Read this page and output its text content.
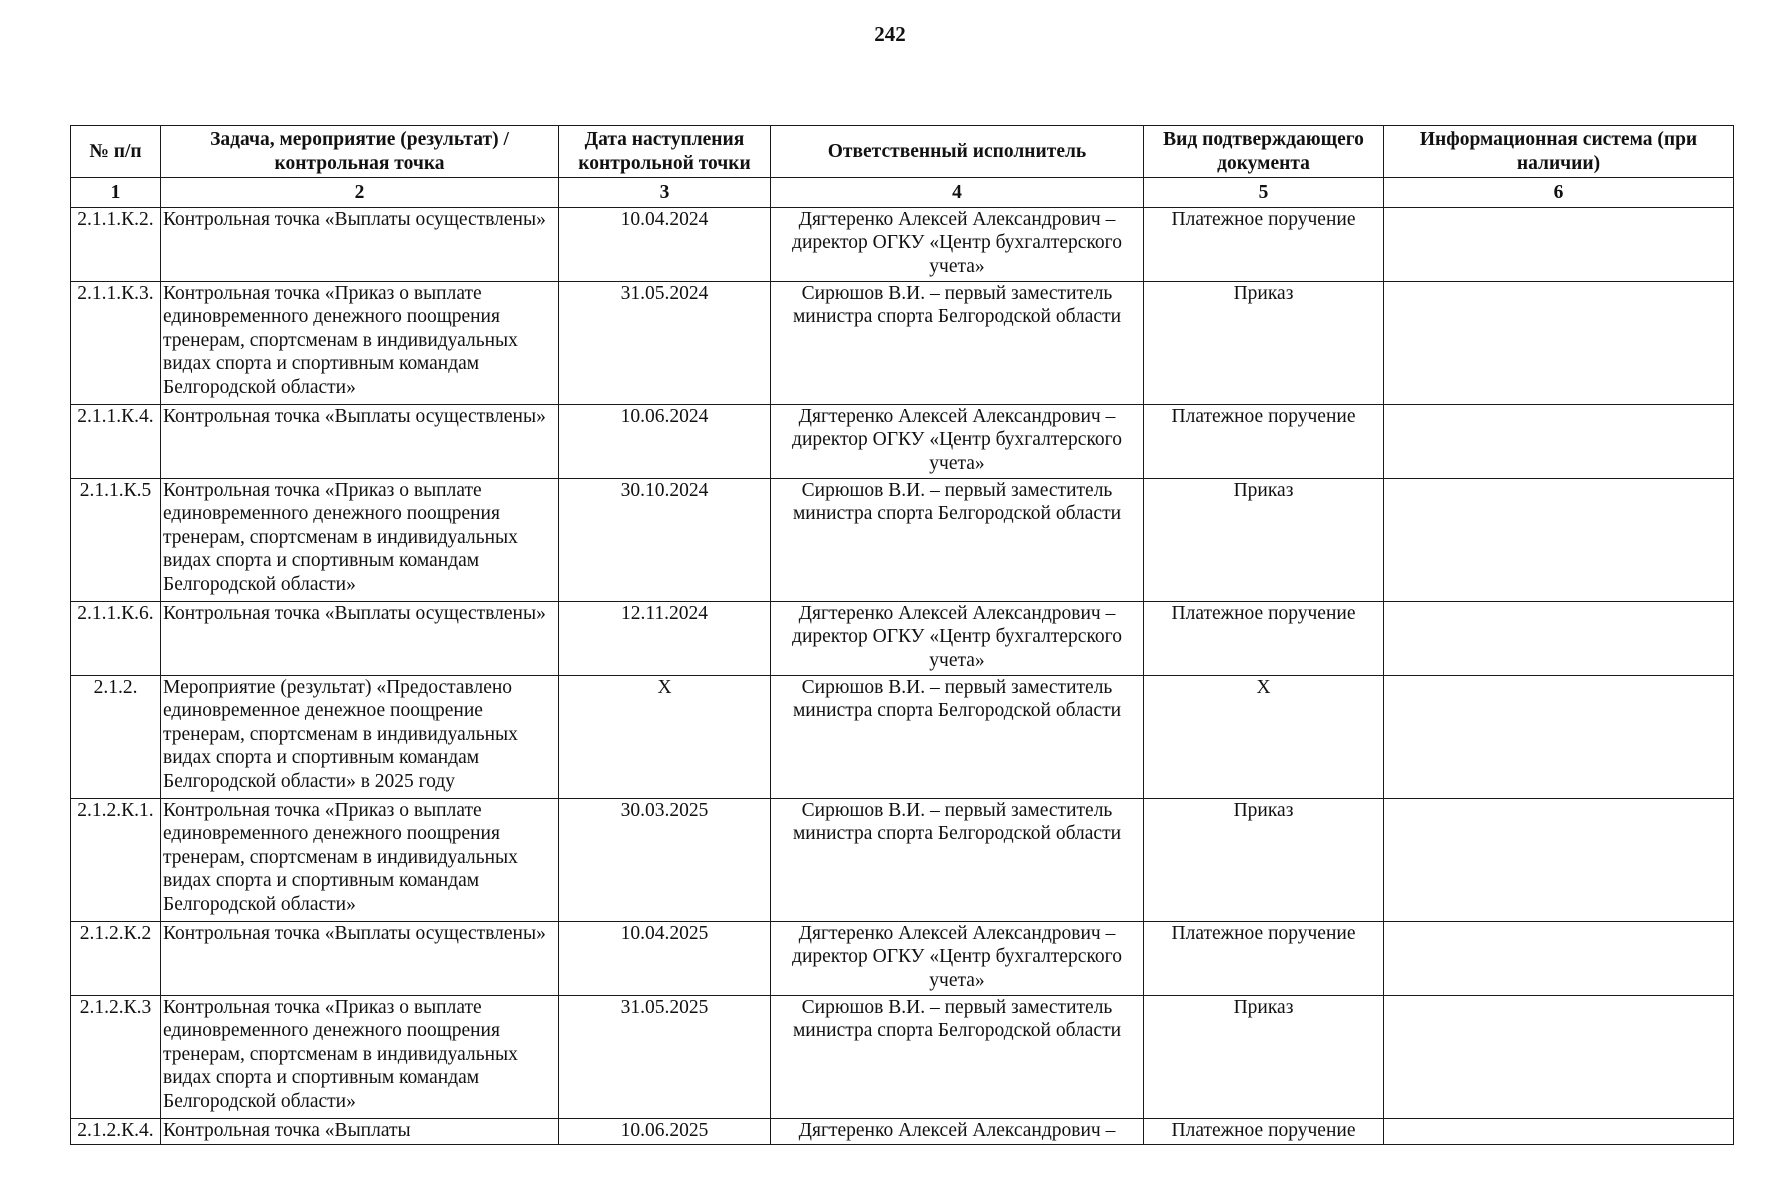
242
№ п/п	Задача, мероприятие (результат) / контрольная точка	Дата наступления контрольной точки	Ответственный исполнитель	Вид подтверждающего документа	Информационная система (при наличии)
1	2	3	4	5	6
2.1.1.К.2.	Контрольная точка «Выплаты осуществлены»	10.04.2024	Дягтеренко Алексей Александрович – директор ОГКУ «Центр бухгалтерского учета»	Платежное поручение	
2.1.1.К.3.	Контрольная точка «Приказ о выплате единовременного денежного поощрения тренерам, спортсменам в индивидуальных видах спорта и спортивным командам Белгородской области»	31.05.2024	Сирюшов В.И. – первый заместитель министра спорта Белгородской области	Приказ	
2.1.1.К.4.	Контрольная точка «Выплаты осуществлены»	10.06.2024	Дягтеренко Алексей Александрович – директор ОГКУ «Центр бухгалтерского учета»	Платежное поручение	
2.1.1.К.5	Контрольная точка «Приказ о выплате единовременного денежного поощрения тренерам, спортсменам в индивидуальных видах спорта и спортивным командам Белгородской области»	30.10.2024	Сирюшов В.И. – первый заместитель министра спорта Белгородской области	Приказ	
2.1.1.К.6.	Контрольная точка «Выплаты осуществлены»	12.11.2024	Дягтеренко Алексей Александрович – директор ОГКУ «Центр бухгалтерского учета»	Платежное поручение	
2.1.2.	Мероприятие (результат) «Предоставлено единовременное денежное поощрение тренерам, спортсменам в индивидуальных видах спорта и спортивным командам Белгородской области» в 2025 году	X	Сирюшов В.И. – первый заместитель министра спорта Белгородской области	X	
2.1.2.К.1.	Контрольная точка «Приказ о выплате единовременного денежного поощрения тренерам, спортсменам в индивидуальных видах спорта и спортивным командам Белгородской области»	30.03.2025	Сирюшов В.И. – первый заместитель министра спорта Белгородской области	Приказ	
2.1.2.К.2	Контрольная точка «Выплаты осуществлены»	10.04.2025	Дягтеренко Алексей Александрович – директор ОГКУ «Центр бухгалтерского учета»	Платежное поручение	
2.1.2.К.3	Контрольная точка «Приказ о выплате единовременного денежного поощрения тренерам, спортсменам в индивидуальных видах спорта и спортивным командам Белгородской области»	31.05.2025	Сирюшов В.И. – первый заместитель министра спорта Белгородской области	Приказ	
2.1.2.К.4.	Контрольная точка «Выплаты	10.06.2025	Дягтеренко Алексей Александрович –	Платежное поручение	
